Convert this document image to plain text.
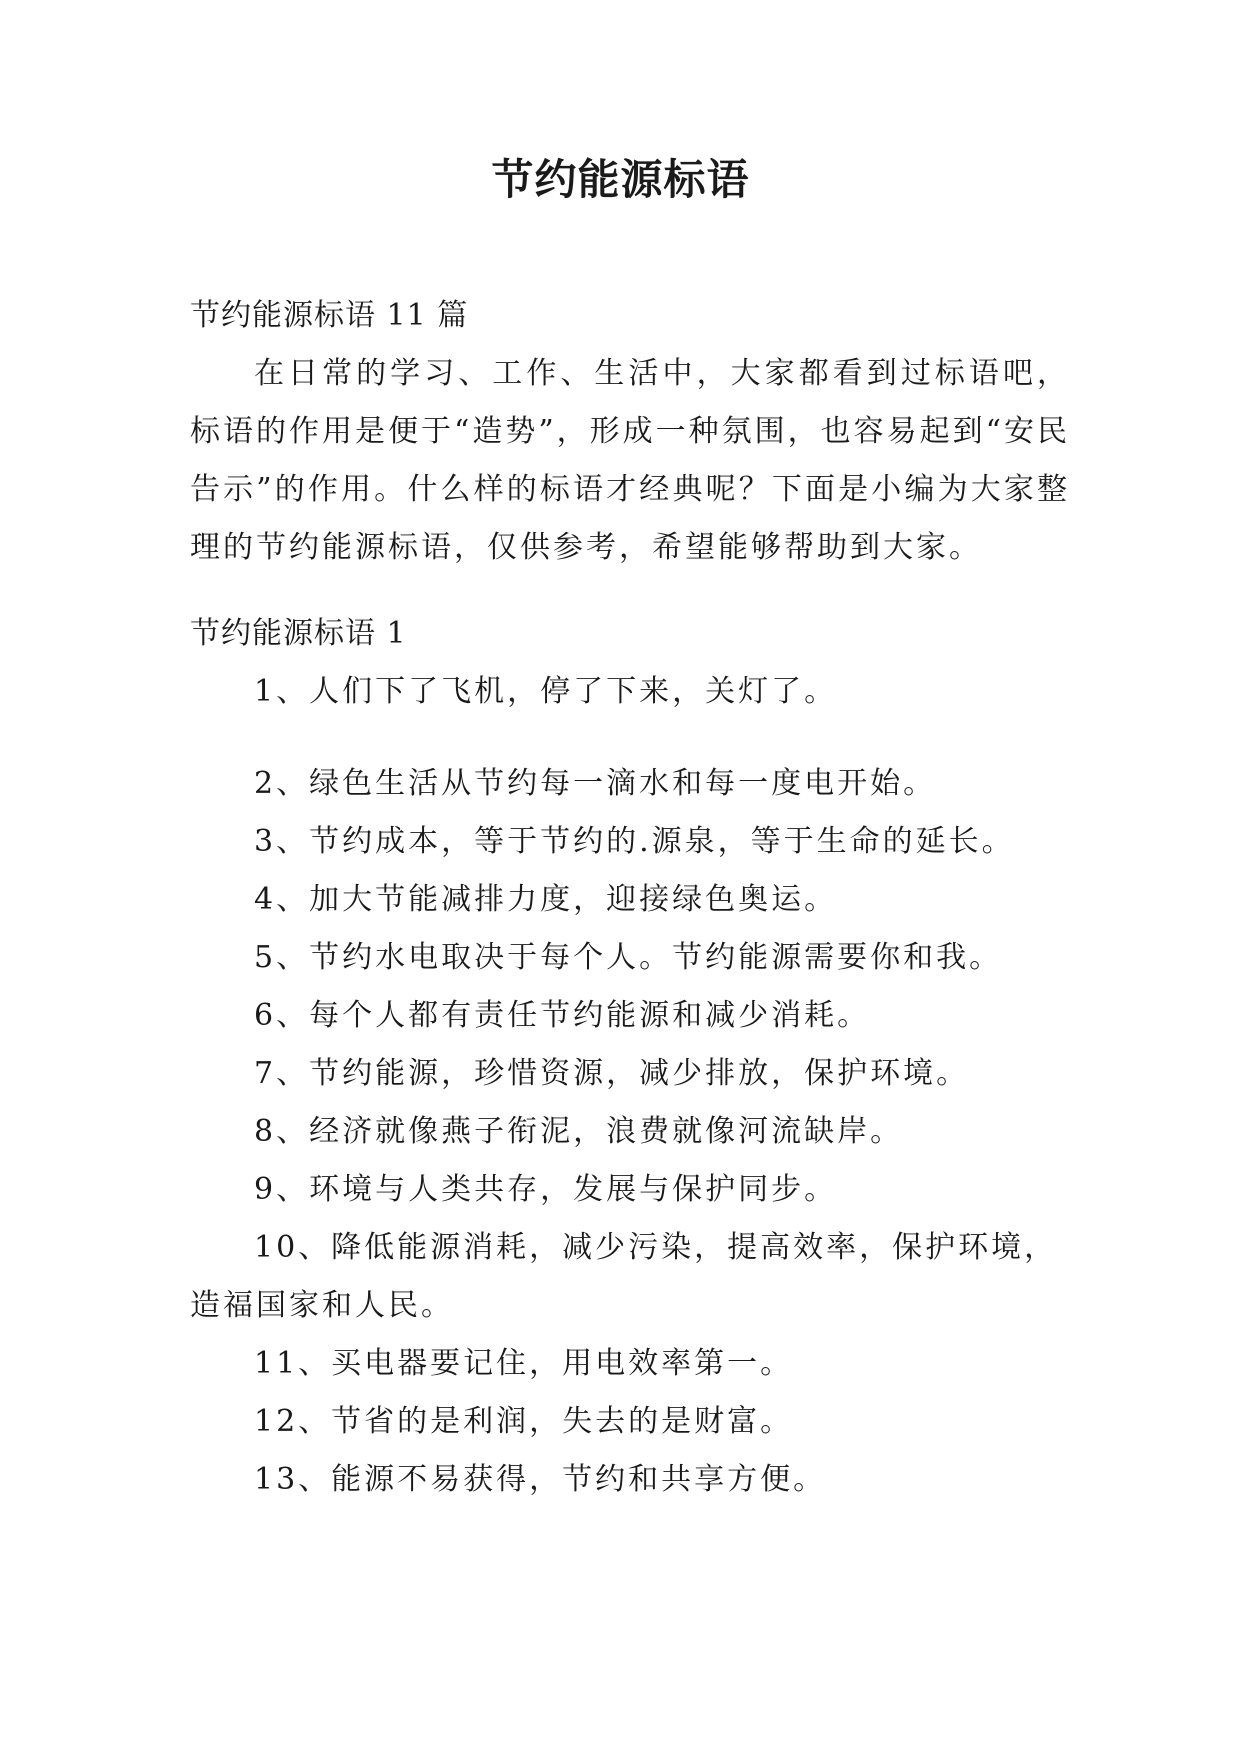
节约能源标语

节约能源标语 11 篇

在日常的学习、工作、生活中，大家都看到过标语吧，标语的作用是便于“造势”，形成一种氛围，也容易起到“安民告示”的作用。什么样的标语才经典呢？下面是小编为大家整理的节约能源标语，仅供参考，希望能够帮助到大家。

节约能源标语 1

1、人们下了飞机，停了下来，关灯了。

2、绿色生活从节约每一滴水和每一度电开始。

3、节约成本，等于节约的.源泉，等于生命的延长。

4、加大节能减排力度，迎接绿色奥运。

5、节约水电取决于每个人。节约能源需要你和我。

6、每个人都有责任节约能源和减少消耗。

7、节约能源，珍惜资源，减少排放，保护环境。

8、经济就像燕子衔泥，浪费就像河流缺岸。

9、环境与人类共存，发展与保护同步。

10、降低能源消耗，减少污染，提高效率，保护环境，造福国家和人民。

11、买电器要记住，用电效率第一。

12、节省的是利润，失去的是财富。

13、能源不易获得，节约和共享方便。
